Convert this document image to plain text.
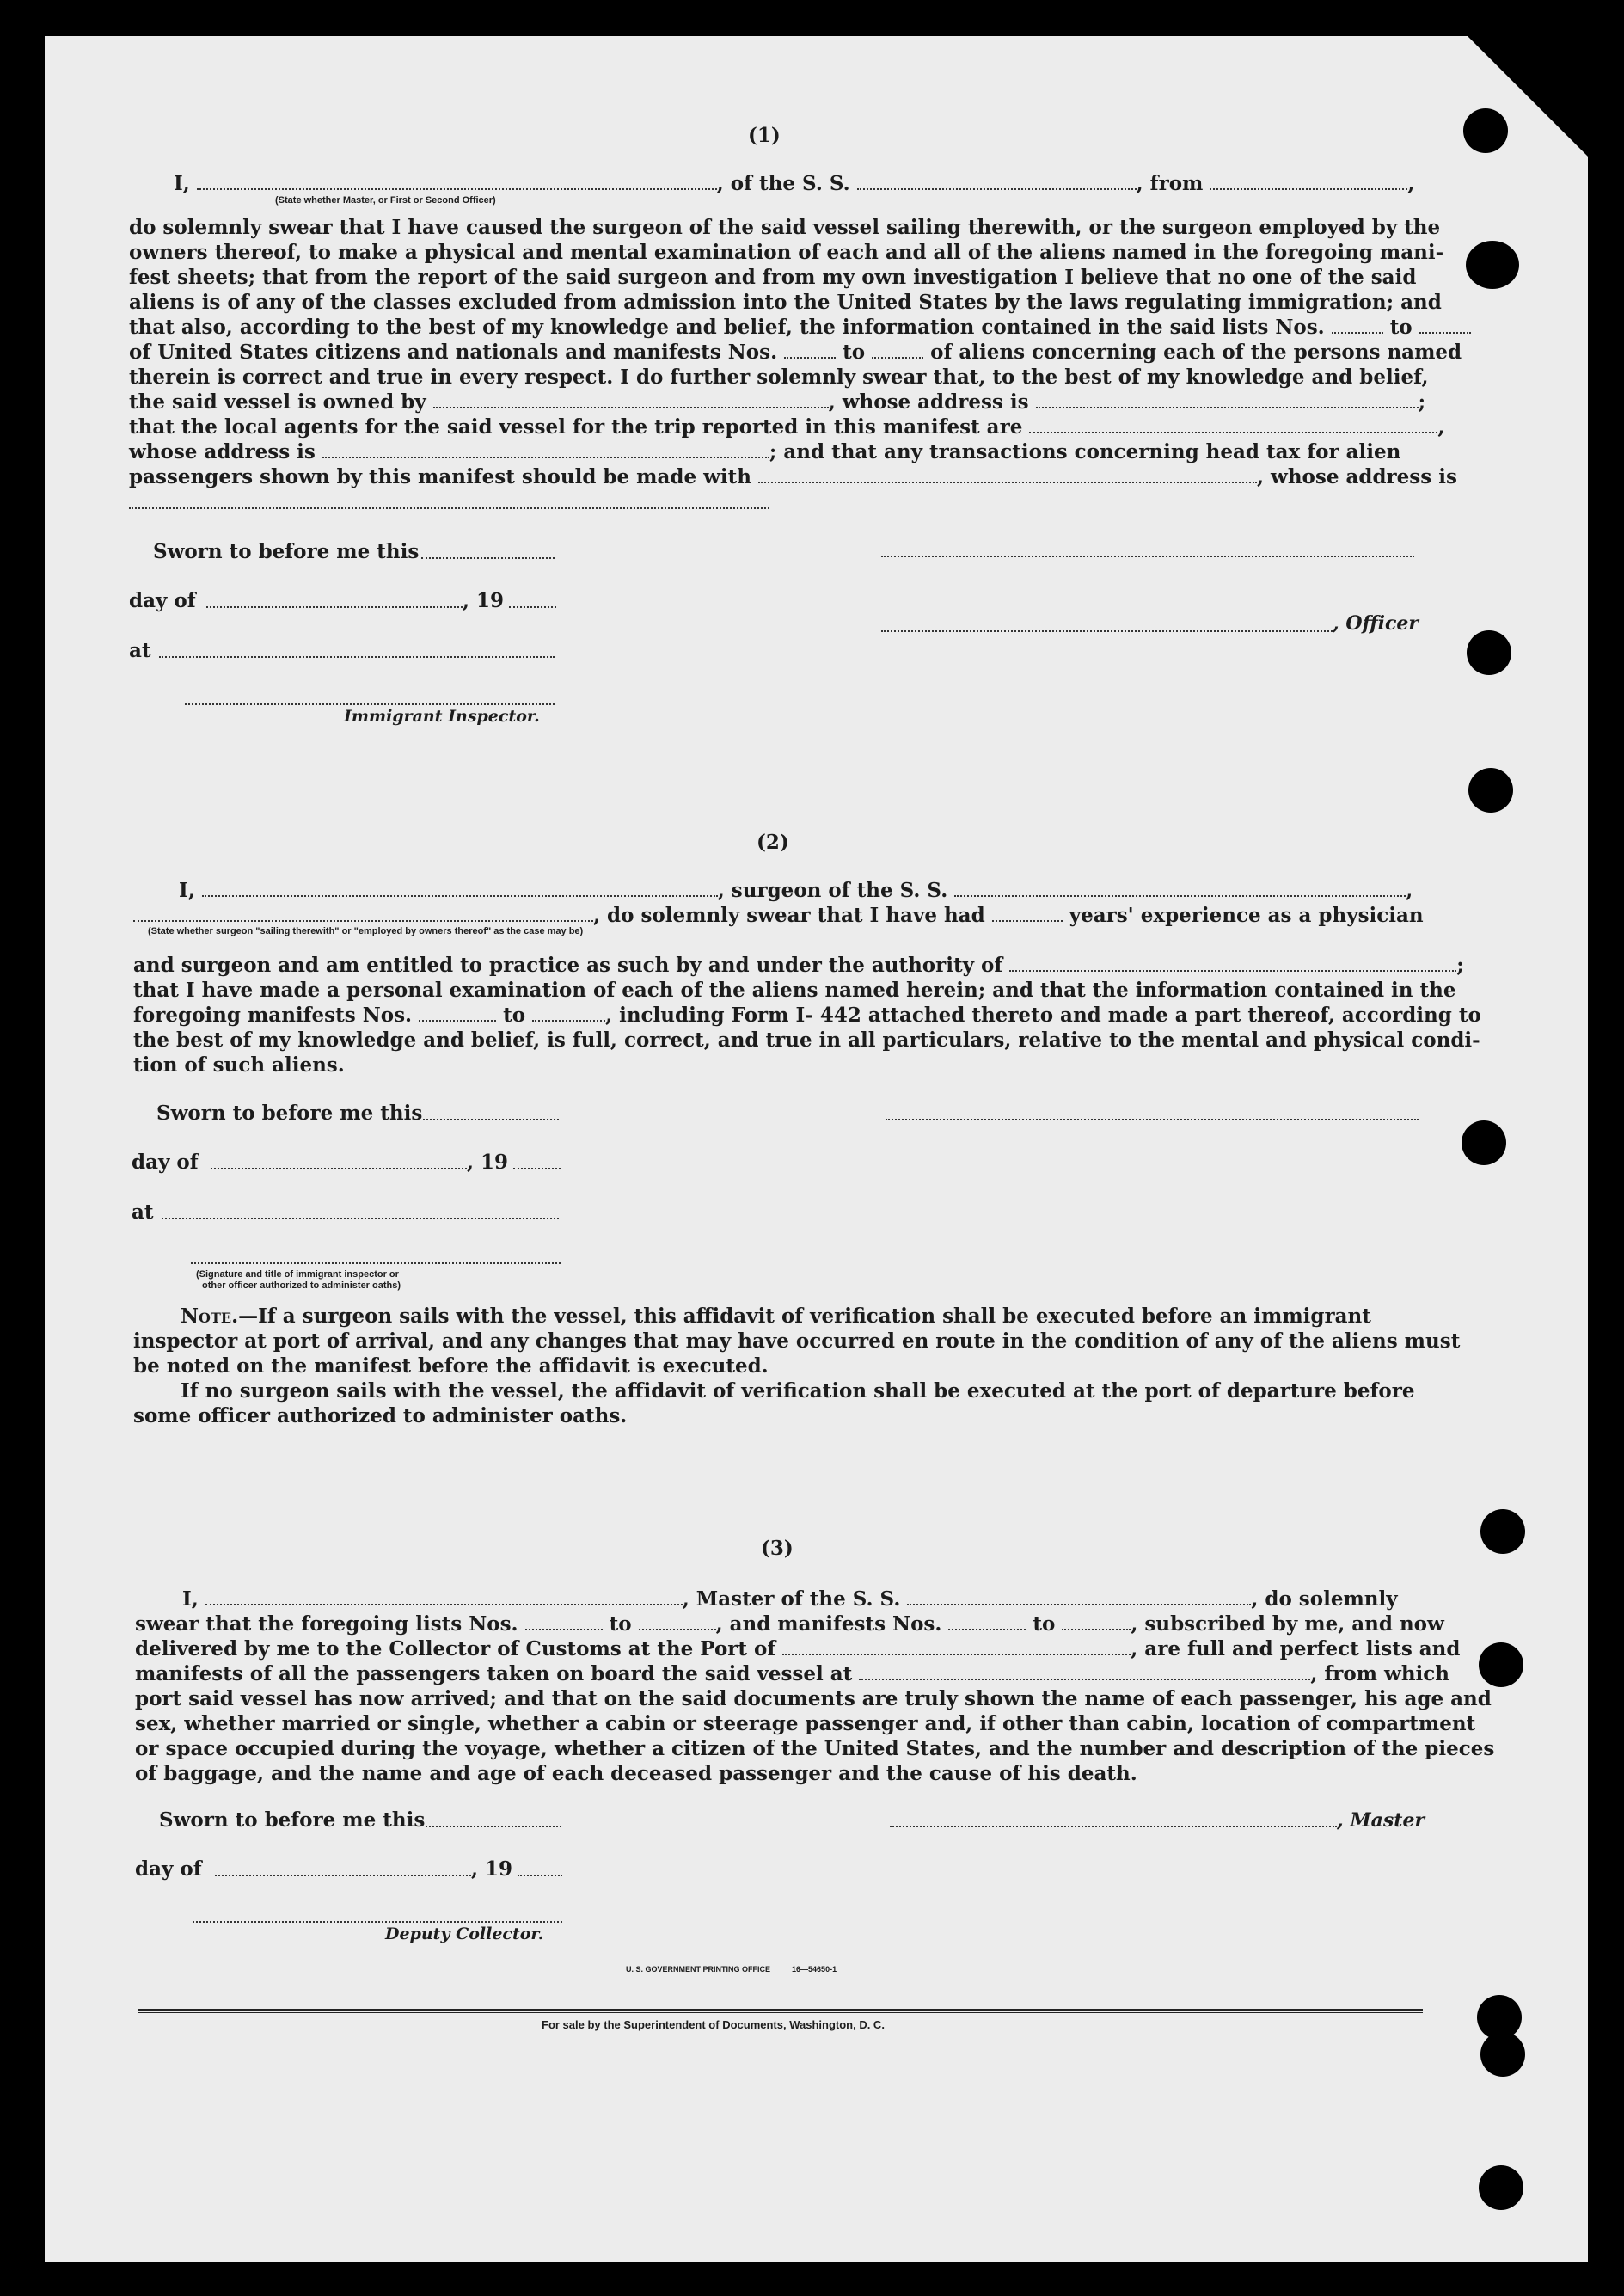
(1)
I,	, of the S. S.	, from	,
(State whether Master, or First or Second Officer)
do solemnly swear that I have caused the surgeon of the said vessel sailing therewith, or the surgeon employed by the
owners thereof, to make a physical and mental examination of each and all of the aliens named in the foregoing mani-
fest sheets; that from the report of the said surgeon and from my own investigation I believe that no one of the said
aliens is of any of the classes excluded from admission into the United States by the laws regulating immigration; and
that also, according to the best of my knowledge and belief, the information contained in the said lists Nos.	to
of United States citizens and nationals and manifests Nos.	to	of aliens concerning each of the persons named
therein is correct and true in every respect. I do further solemnly swear that, to the best of my knowledge and belief,
the said vessel is owned by	, whose address is	;
that the local agents for the said vessel for the trip reported in this manifest are	,
whose address is	; and that any transactions concerning head tax for alien
passengers shown by this manifest should be made with	, whose address is
Sworn to before me this
day of	, 19
, Officer
at
Immigrant Inspector.
(2)
I,	, surgeon of the S. S.	,
, do solemnly swear that I have had	years' experience as a physician
(State whether surgeon "sailing therewith" or "employed by owners thereof" as the case may be)
and surgeon and am entitled to practice as such by and under the authority of	;
that I have made a personal examination of each of the aliens named herein; and that the information contained in the
foregoing manifests Nos.	to	, including Form I- 442 attached thereto and made a part thereof, according to
the best of my knowledge and belief, is full, correct, and true in all particulars, relative to the mental and physical condi-
tion of such aliens.
Sworn to before me this
day of	, 19
at
(Signature and title of immigrant inspector or
other officer authorized to administer oaths)
Note.—If a surgeon sails with the vessel, this affidavit of verification shall be executed before an immigrant
inspector at port of arrival, and any changes that may have occurred en route in the condition of any of the aliens must
be noted on the manifest before the affidavit is executed.
If no surgeon sails with the vessel, the affidavit of verification shall be executed at the port of departure before
some officer authorized to administer oaths.
(3)
I,	, Master of the S. S.	, do solemnly
swear that the foregoing lists Nos.	to	, and manifests Nos.	to	, subscribed by me, and now
delivered by me to the Collector of Customs at the Port of	, are full and perfect lists and
manifests of all the passengers taken on board the said vessel at	, from which
port said vessel has now arrived; and that on the said documents are truly shown the name of each passenger, his age and
sex, whether married or single, whether a cabin or steerage passenger and, if other than cabin, location of compartment
or space occupied during the voyage, whether a citizen of the United States, and the number and description of the pieces
of baggage, and the name and age of each deceased passenger and the cause of his death.
Sworn to before me this	, Master
day of	, 19
Deputy Collector.
U. S. GOVERNMENT PRINTING OFFICE	16—54650-1
For sale by the Superintendent of Documents, Washington, D. C.
